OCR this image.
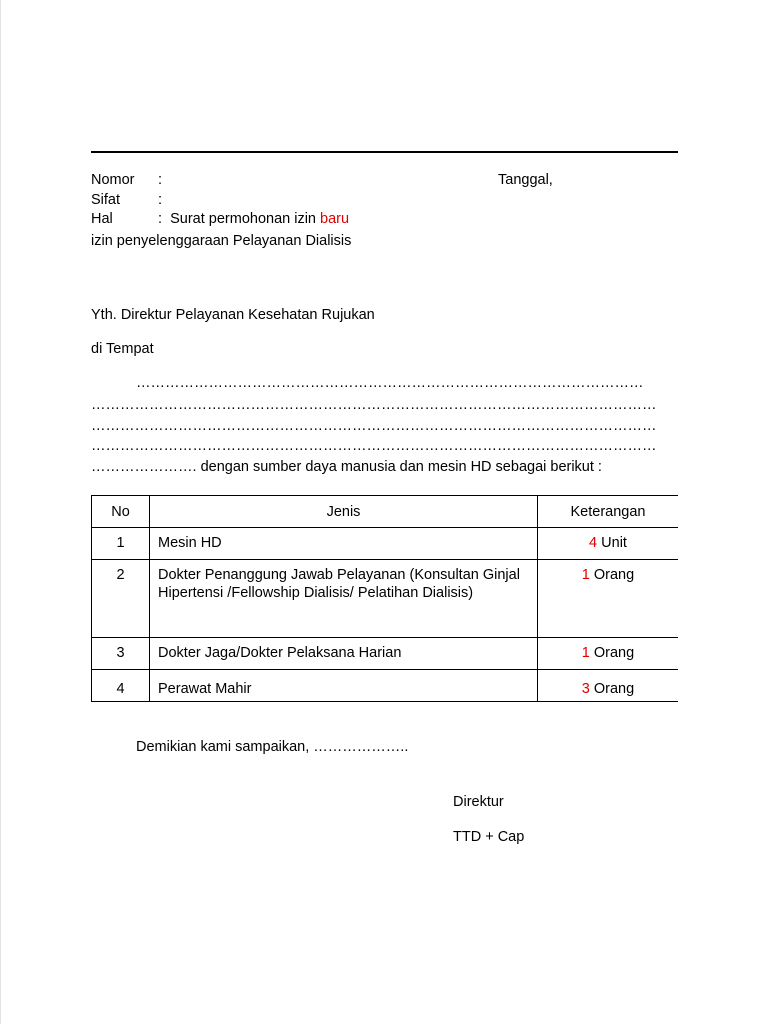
Nomor :	Tanggal,
Sifat	:
Hal	: Surat permohonan izin baru
izin penyelenggaraan Pelayanan Dialisis
Yth. Direktur Pelayanan Kesehatan Rujukan
di Tempat
……………………………………………………………………………………………
………………………………………………………………………………………………………
………………………………………………………………………………………………………
………………………………………………………………………………………………………
…………………. dengan sumber daya manusia dan mesin HD sebagai berikut :
No	Jenis	Keterangan
1	Mesin HD	4 Unit
2	Dokter Penanggung Jawab Pelayanan (Konsultan Ginjal Hipertensi /Fellowship Dialisis/ Pelatihan Dialisis)	1 Orang
3	Dokter Jaga/Dokter Pelaksana Harian	1 Orang
4	Perawat Mahir	3 Orang
Demikian kami sampaikan, ………………..
Direktur
TTD + Cap
